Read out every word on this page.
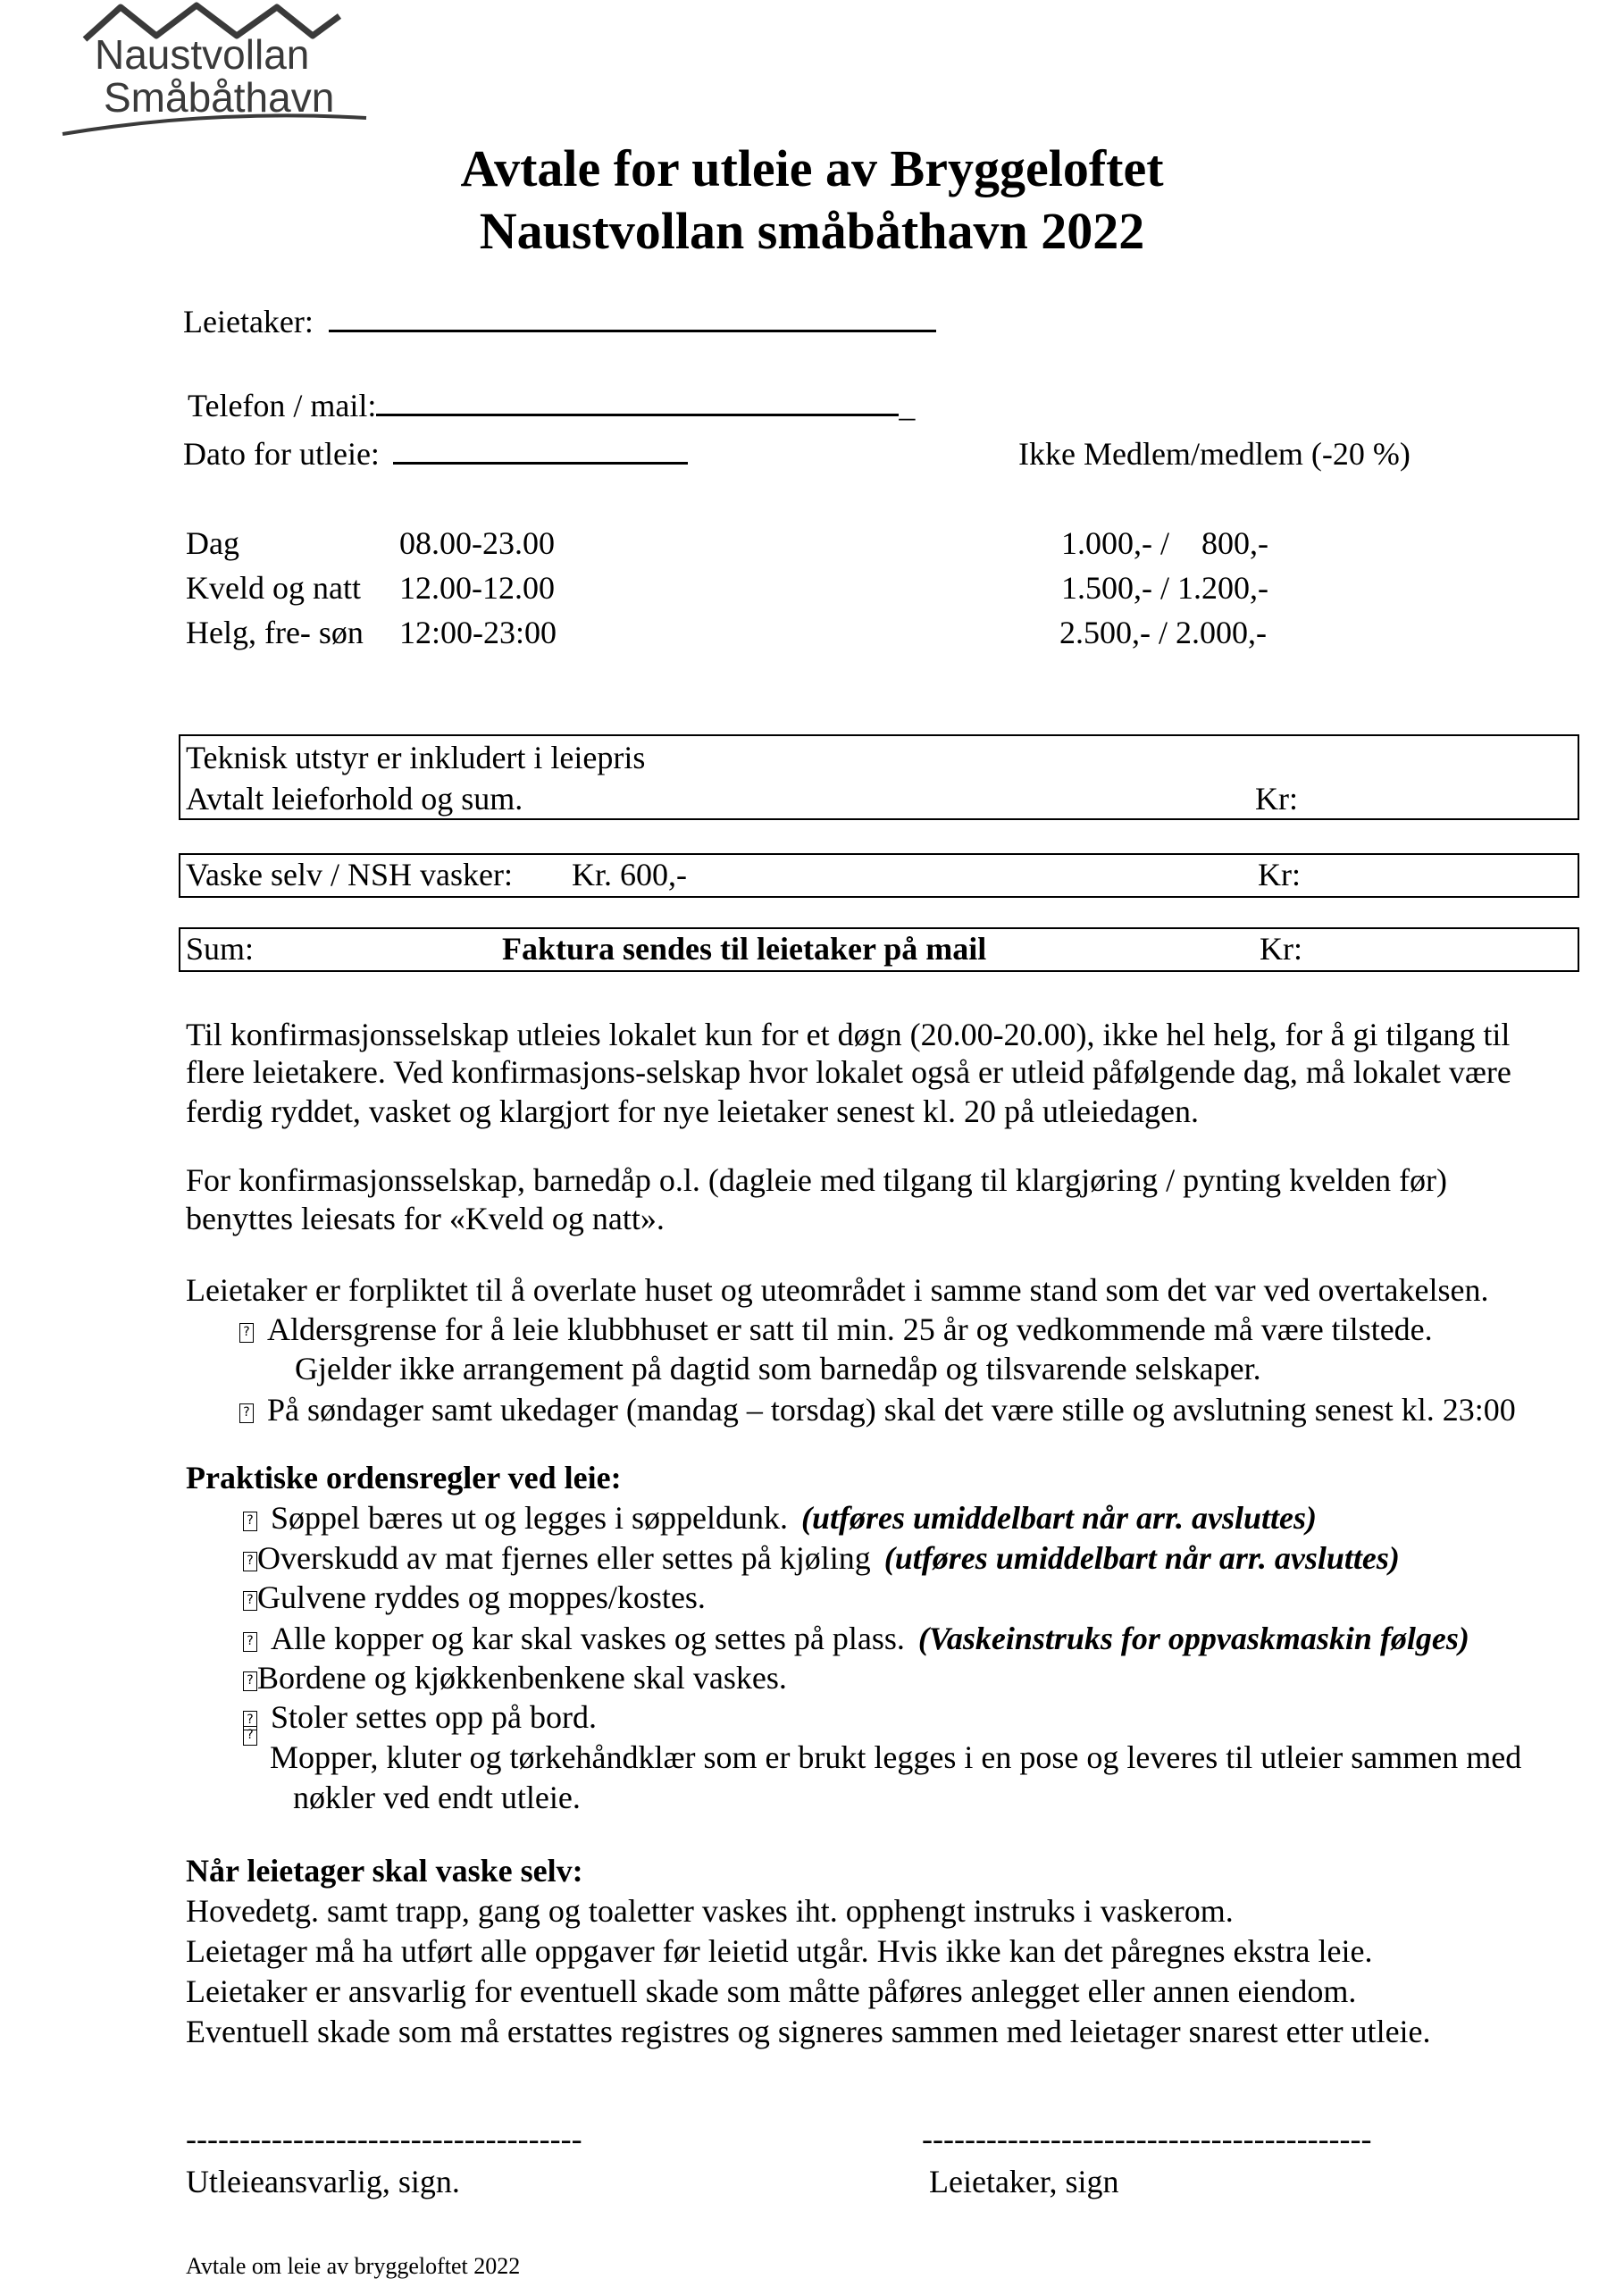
Naustvollan
Småbåthavn
Avtale for utleie av Bryggeloftet
Naustvollan småbåthavn 2022
Leietaker:
Telefon / mail:	_
Dato for utleie:	Ikke Medlem/medlem (-20 %)
Dag	08.00-23.00	1.000,- / 800,-
Kveld og natt 12.00-12.00	1.500,- / 1.200,-
Helg, fre- søn 12:00-23:00	2.500,- / 2.000,-
Teknisk utstyr er inkludert i leiepris
Avtalt leieforhold og sum.	Kr:
Vaske selv / NSH vasker: Kr. 600,-	Kr:
Sum:	Faktura sendes til leietaker på mail	Kr:
Til konfirmasjonsselskap utleies lokalet kun for et døgn (20.00-20.00), ikke hel helg, for å gi tilgang til
flere leietakere. Ved konfirmasjons-selskap hvor lokalet også er utleid påfølgende dag, må lokalet være
ferdig ryddet, vasket og klargjort for nye leietaker senest kl. 20 på utleiedagen.
For konfirmasjonsselskap, barnedåp o.l. (dagleie med tilgang til klargjøring / pynting kvelden før)
benyttes leiesats for «Kveld og natt».
Leietaker er forpliktet til å overlate huset og uteområdet i samme stand som det var ved overtakelsen.
? Aldersgrense for å leie klubbhuset er satt til min. 25 år og vedkommende må være tilstede.
Gjelder ikke arrangement på dagtid som barnedåp og tilsvarende selskaper.
? På søndager samt ukedager (mandag – torsdag) skal det være stille og avslutning senest kl. 23:00
Praktiske ordensregler ved leie:
? Søppel bæres ut og legges i søppeldunk. (utføres umiddelbart når arr. avsluttes)
? Overskudd av mat fjernes eller settes på kjøling (utføres umiddelbart når arr. avsluttes)
? Gulvene ryddes og moppes/kostes.
? Alle kopper og kar skal vaskes og settes på plass. (Vaskeinstruks for oppvaskmaskin følges)
? Bordene og kjøkkenbenkene skal vaskes.
? Stoler settes opp på bord.
?
Mopper, kluter og tørkehåndklær som er brukt legges i en pose og leveres til utleier sammen med
nøkler ved endt utleie.
Når leietager skal vaske selv:
Hovedetg. samt trapp, gang og toaletter vaskes iht. opphengt instruks i vaskerom.
Leietager må ha utført alle oppgaver før leietid utgår. Hvis ikke kan det påregnes ekstra leie.
Leietaker er ansvarlig for eventuell skade som måtte påføres anlegget eller annen eiendom.
Eventuell skade som må erstattes registres og signeres sammen med leietager snarest etter utleie.
-------------------------------------	------------------------------------------
Utleieansvarlig, sign.	Leietaker, sign
Avtale om leie av bryggeloftet 2022
